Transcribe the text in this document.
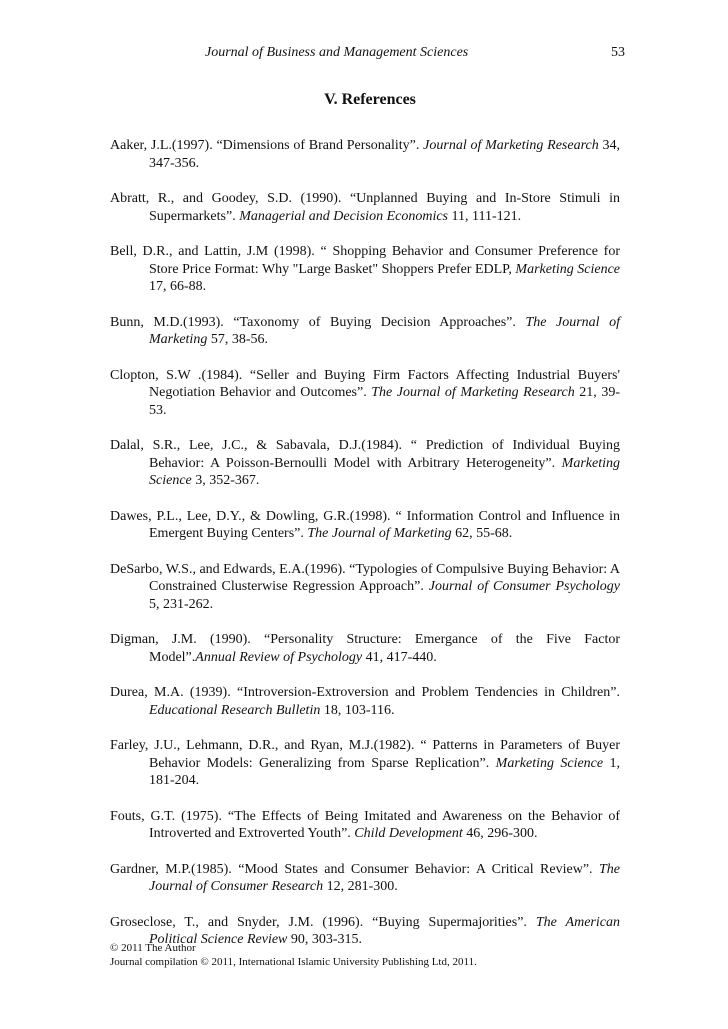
Journal of Business and Management Sciences	53
V. References

Aaker, J.L.(1997). “Dimensions of Brand Personality”. Journal of Marketing Research 34, 347-356.

Abratt, R., and Goodey, S.D. (1990). “Unplanned Buying and In-Store Stimuli in Supermarkets”. Managerial and Decision Economics 11, 111-121.

Bell, D.R., and Lattin, J.M (1998). “ Shopping Behavior and Consumer Preference for Store Price Format: Why "Large Basket" Shoppers Prefer EDLP, Marketing Science 17, 66-88.

Bunn, M.D.(1993). “Taxonomy of Buying Decision Approaches”. The Journal of Marketing 57, 38-56.

Clopton, S.W .(1984). “Seller and Buying Firm Factors Affecting Industrial Buyers' Negotiation Behavior and Outcomes”. The Journal of Marketing Research 21, 39-53.

Dalal, S.R., Lee, J.C., & Sabavala, D.J.(1984). “ Prediction of Individual Buying Behavior: A Poisson-Bernoulli Model with Arbitrary Heterogeneity”. Marketing Science 3, 352-367.

Dawes, P.L., Lee, D.Y., & Dowling, G.R.(1998). “ Information Control and Influence in Emergent Buying Centers”. The Journal of Marketing 62, 55-68.

DeSarbo, W.S., and Edwards, E.A.(1996). “Typologies of Compulsive Buying Behavior: A Constrained Clusterwise Regression Approach”. Journal of Consumer Psychology 5, 231-262.

Digman, J.M. (1990). “Personality Structure: Emergance of the Five Factor Model”.Annual Review of Psychology 41, 417-440.

Durea, M.A. (1939). “Introversion-Extroversion and Problem Tendencies in Children”. Educational Research Bulletin 18, 103-116.

Farley, J.U., Lehmann, D.R., and Ryan, M.J.(1982). “ Patterns in Parameters of Buyer Behavior Models: Generalizing from Sparse Replication”. Marketing Science 1, 181-204.

Fouts, G.T. (1975). “The Effects of Being Imitated and Awareness on the Behavior of Introverted and Extroverted Youth”. Child Development 46, 296-300.

Gardner, M.P.(1985). “Mood States and Consumer Behavior: A Critical Review”. The Journal of Consumer Research 12, 281-300.

Groseclose, T., and Snyder, J.M. (1996). “Buying Supermajorities”. The American Political Science Review 90, 303-315.

© 2011 The Author
Journal compilation © 2011, International Islamic University Publishing Ltd, 2011.
